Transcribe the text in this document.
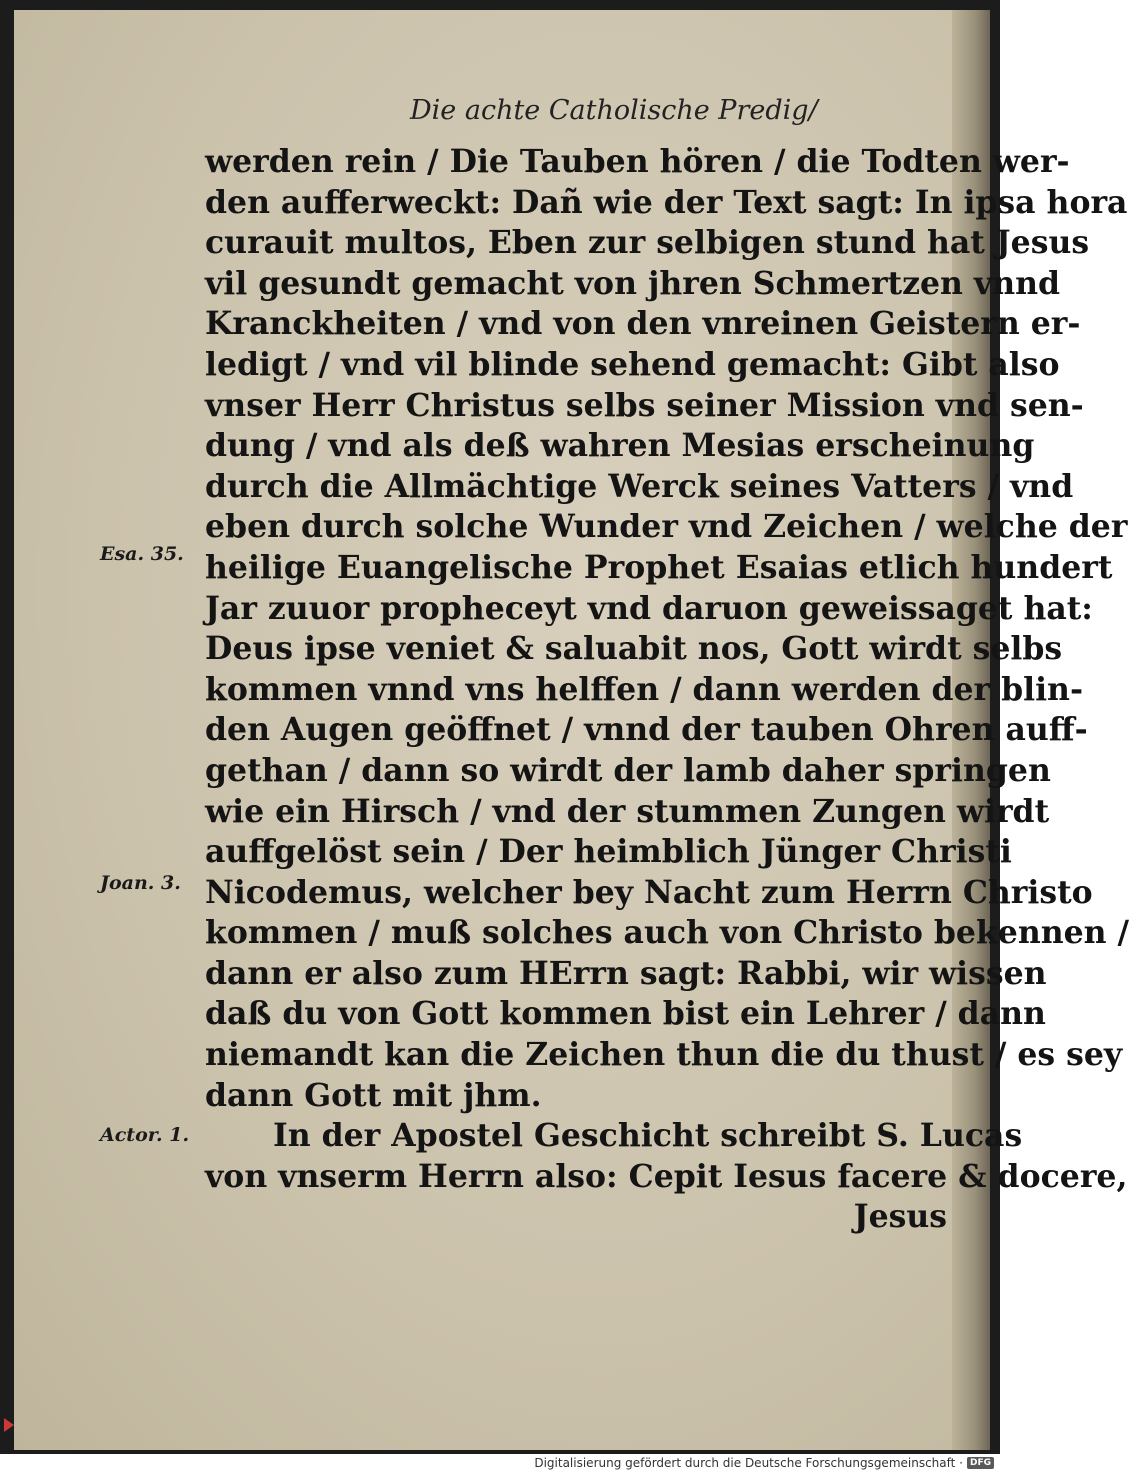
Die achte Catholische Predig/
Esa. 35.
Joan. 3.
Actor. 1.
werden rein / Die Tauben hören / die Todten wer-
den aufferweckt: Dañ wie der Text sagt: In ipsa hora
curauit multos, Eben zur selbigen stund hat Jesus
vil gesundt gemacht von jhren Schmertzen vnnd
Kranckheiten / vnd von den vnreinen Geistern er-
ledigt / vnd vil blinde sehend gemacht: Gibt also
vnser Herr Christus selbs seiner Mission vnd sen-
dung / vnd als deß wahren Mesias erscheinung
durch die Allmächtige Werck seines Vatters / vnd
eben durch solche Wunder vnd Zeichen / welche der
heilige Euangelische Prophet Esaias etlich hundert
Jar zuuor propheceyt vnd daruon geweissaget hat:
Deus ipse veniet & saluabit nos, Gott wirdt selbs
kommen vnnd vns helffen / dann werden der blin-
den Augen geöffnet / vnnd der tauben Ohren auff-
gethan / dann so wirdt der lamb daher springen
wie ein Hirsch / vnd der stummen Zungen wirdt
auffgelöst sein / Der heimblich Jünger Christi
Nicodemus, welcher bey Nacht zum Herrn Christo
kommen / muß solches auch von Christo bekennen /
dann er also zum HErrn sagt: Rabbi, wir wissen
daß du von Gott kommen bist ein Lehrer / dann
niemandt kan die Zeichen thun die du thust / es sey
dann Gott mit jhm.
In der Apostel Geschicht schreibt S. Lucas
von vnserm Herrn also: Cepit Iesus facere & docere,
Jesus
Digitalisierung gefördert durch die Deutsche Forschungsgemeinschaft · DFG
